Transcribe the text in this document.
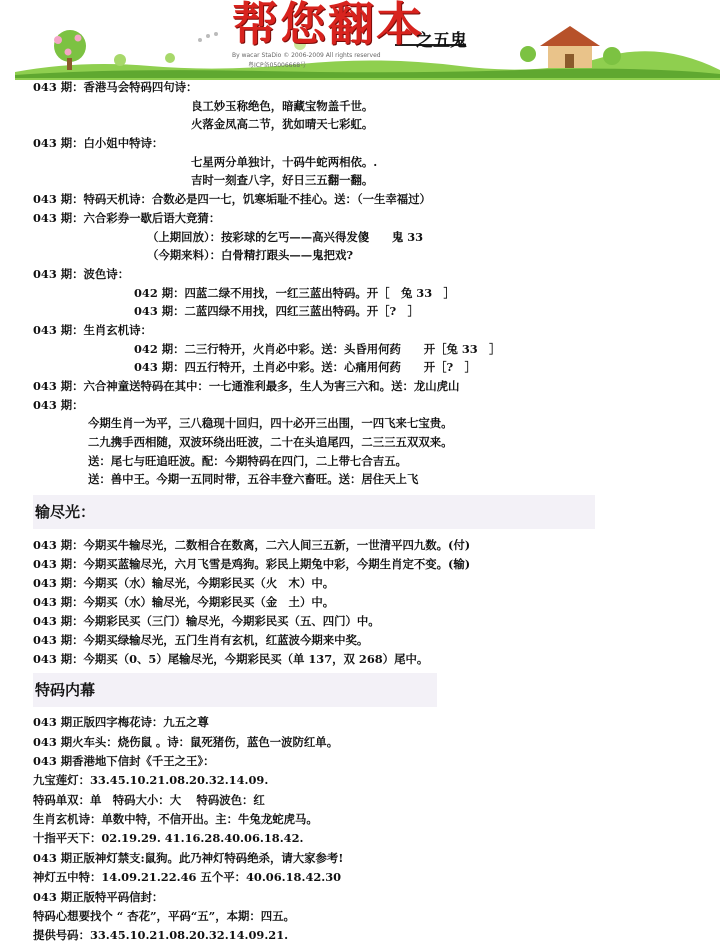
帮您翻本
之五鬼
By wacar StaDio © 2006-2009 All rights reserved
粤ICP备05006668号
043 期：香港马会特码四句诗：
良工妙玉称绝色，暗藏宝物盖千世。
火落金凤高二节，犹如晴天七彩虹。
043 期：白小姐中特诗：
七星两分单独计，十码牛蛇两相依。.
吉时一刻查八字，好日三五翻一翻。
043 期：特码天机诗：合数必是四一七，饥寒垢耻不挂心。送：（一生幸福过）
043 期：六合彩券一歇后语大竞猜：
（上期回放）：按彩球的乞丐——高兴得发傻　　鬼 33
（今期来料）：白骨精打跟头——鬼把戏?
043 期：波色诗：
042 期：四蓝二绿不用找，一红三蓝出特码。开［　兔 33　］
043 期：二蓝四绿不用找，四红三蓝出特码。开［?　］
043 期：生肖玄机诗：
042 期：二三行特开，火肖必中彩。送：头昏用何药　　开［兔 33　］
043 期：四五行特开，土肖必中彩。送：心痛用何药　　开［?　］
043 期：六合神童送特码在其中：一七通淮利最多，生人为害三六和。送：龙山虎山
043 期：
今期生肖一为平，三八稳现十回归，四十必开三出围，一四飞来七宝贵。
二九携手西相随，双波环绕出旺波，二十在头追尾四，二三三五双双来。
送：尾七与旺追旺波。配：今期特码在四门，二上带七合吉五。
送：兽中王。今期一五同时带，五谷丰登六畜旺。送：居住天上飞
输尽光：
043 期：今期买牛输尽光，二数相合在数离，二六人间三五新，一世清平四九数。(付)
043 期：今期买蓝输尽光，六月飞雪是鸡狗。彩民上期兔中彩，今期生肖定不变。(输)
043 期：今期买（水）输尽光，今期彩民买（火　木）中。
043 期：今期买（水）输尽光，今期彩民买（金　土）中。
043 期：今期彩民买（三门）输尽光，今期彩民买（五、四门）中。
043 期：今期买绿输尽光，五门生肖有玄机，红蓝波今期来中奖。
043 期：今期买（0、5）尾输尽光，今期彩民买（单 137，双 268）尾中。
特码内幕
043 期正版四字梅花诗：九五之尊
043 期火车头：烧伤鼠 。诗：鼠死猪伤，蓝色一波防红单。
043 期香港地下信封《千王之王》：
九宝莲灯：33.45.10.21.08.20.32.14.09.
特码单双：单　特码大小：大　 特码波色：红
生肖玄机诗：单数中特，不信开出。主：牛兔龙蛇虎马。
十指平天下：02.19.29. 41.16.28.40.06.18.42.
043 期正版神灯禁支:鼠狗。此乃神灯特码绝杀，请大家参考!
神灯五中特：14.09.21.22.46 五个平：40.06.18.42.30
043 期正版特平码信封：
特码心想要找个 “ 杏花”，平码“五”，本期：四五。
提供号码：33.45.10.21.08.20.32.14.09.21.
